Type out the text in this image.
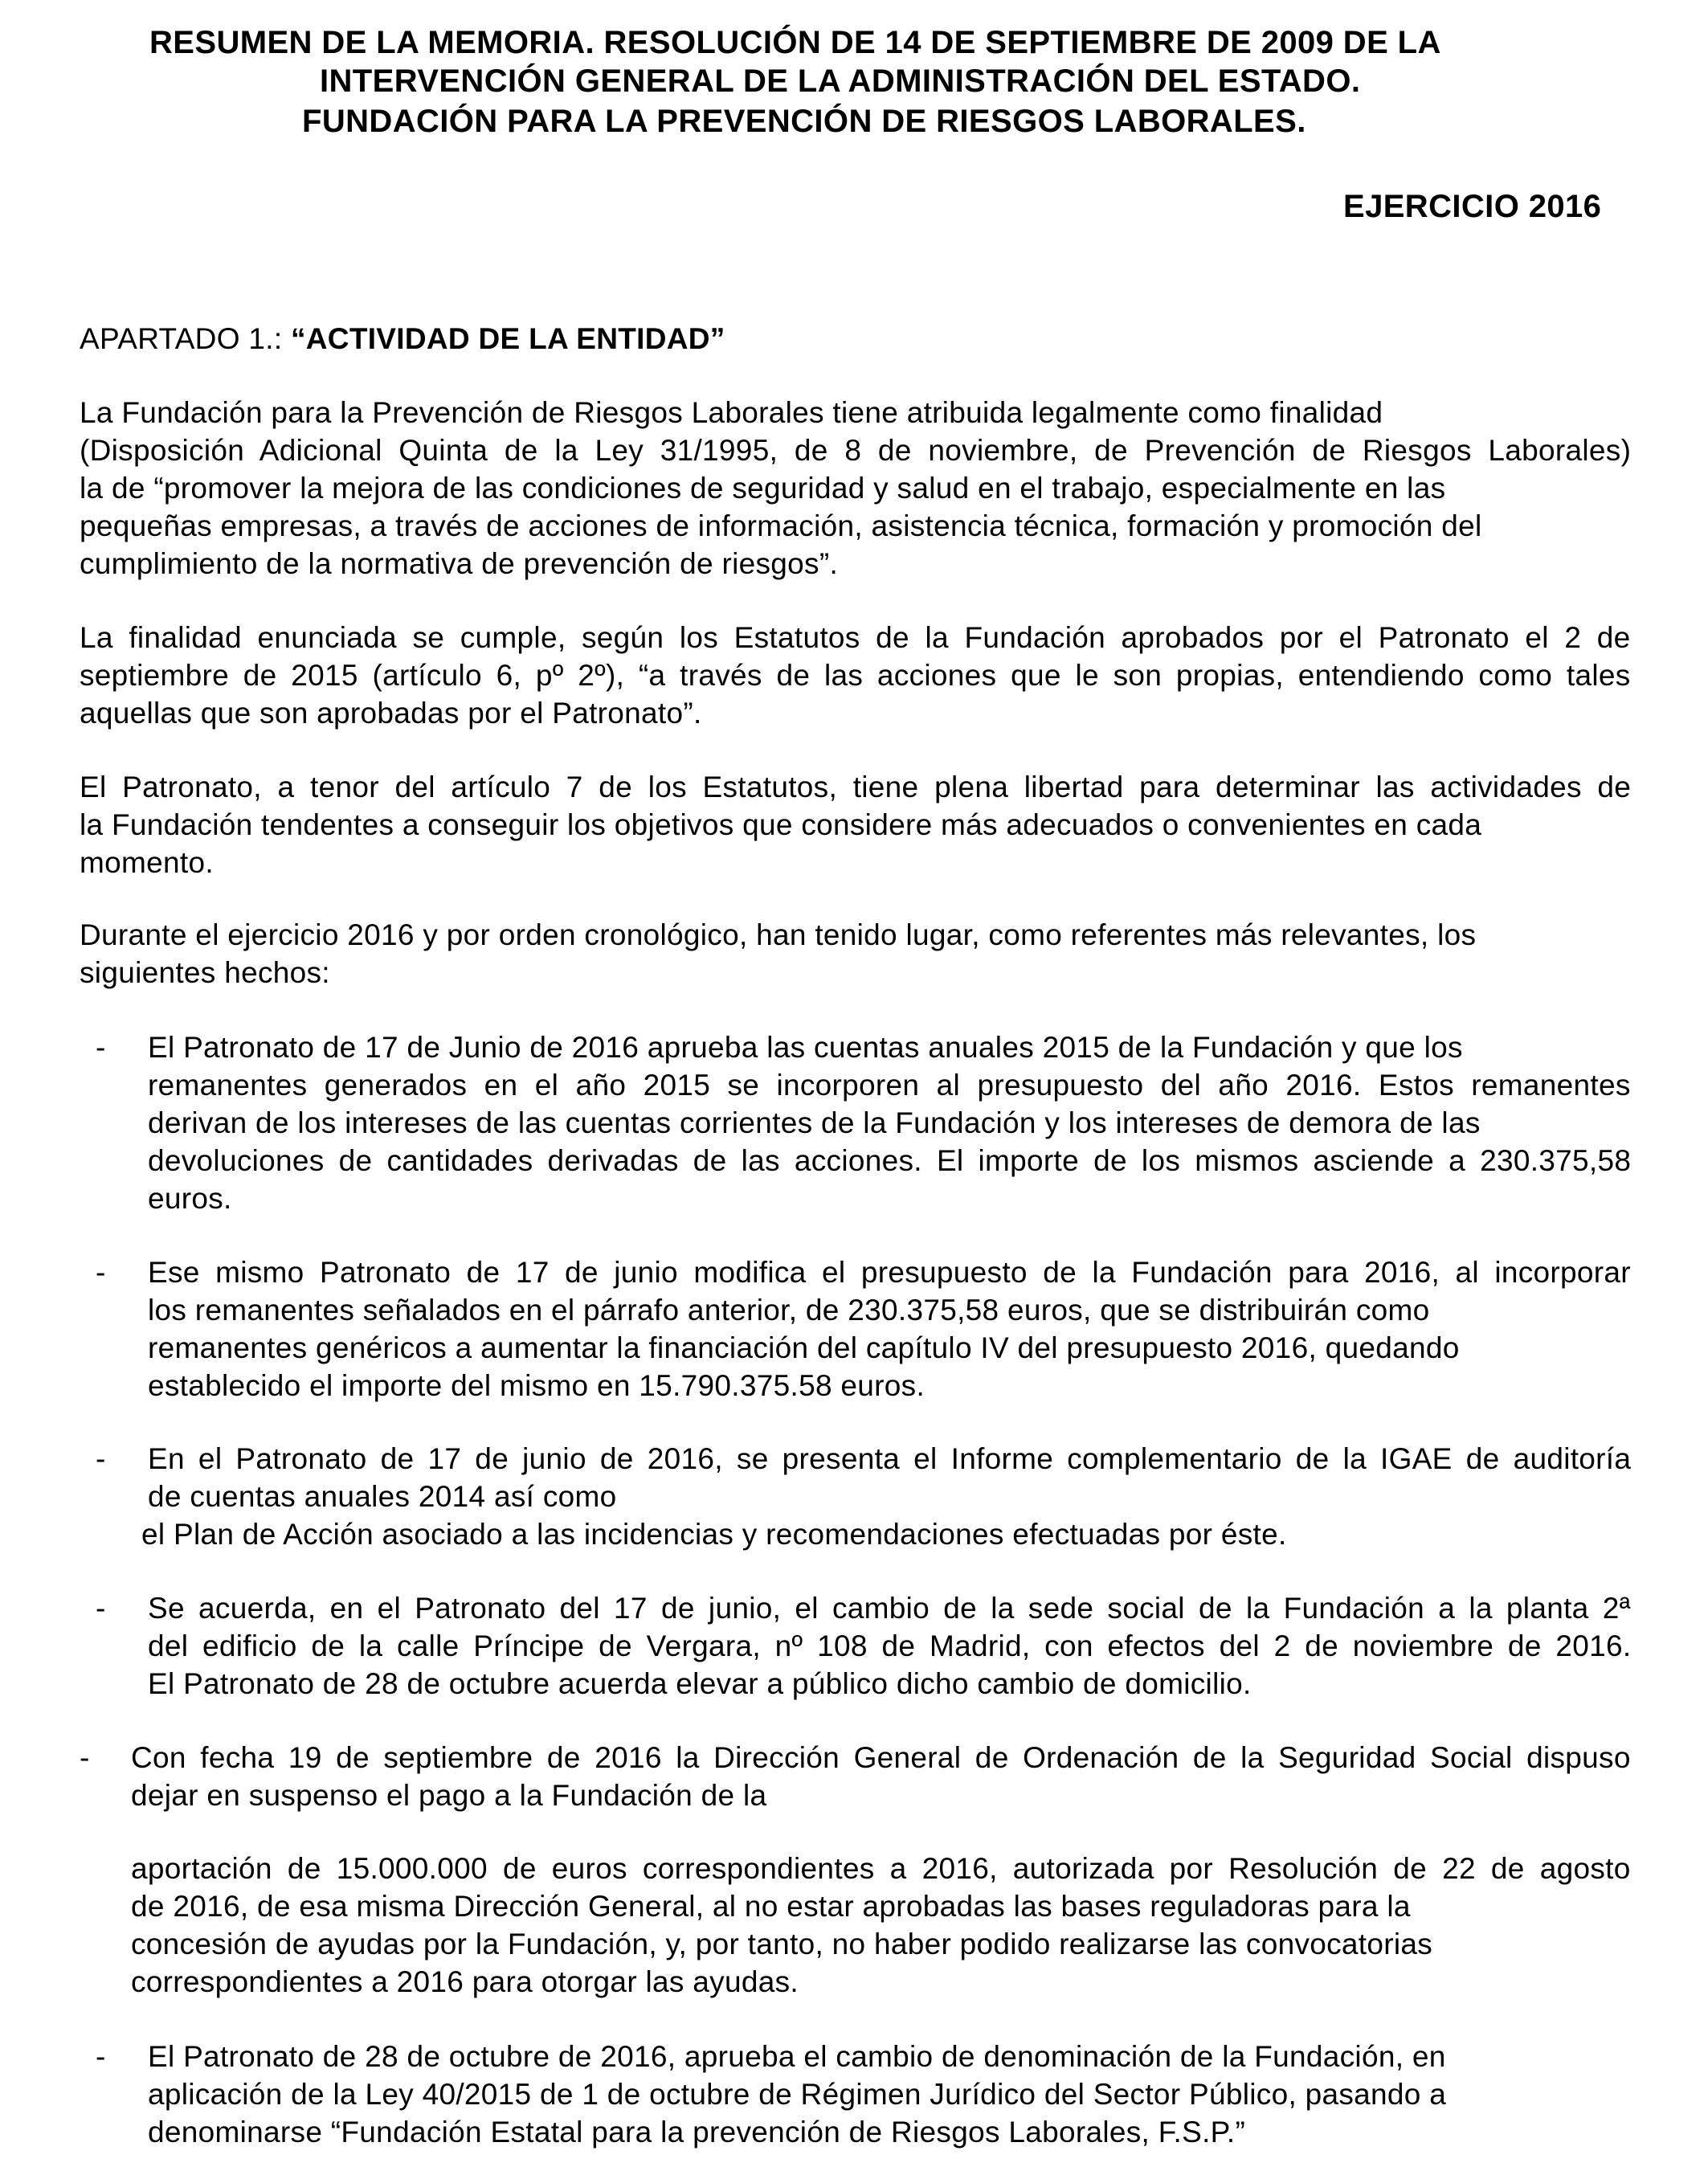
RESUMEN DE LA MEMORIA. RESOLUCIÓN DE 14 DE SEPTIEMBRE DE 2009 DE LA
INTERVENCIÓN GENERAL DE LA ADMINISTRACIÓN DEL ESTADO.
FUNDACIÓN PARA LA PREVENCIÓN DE RIESGOS LABORALES.
EJERCICIO 2016
APARTADO 1.: “ACTIVIDAD DE LA ENTIDAD”
La Fundación para la Prevención de Riesgos Laborales tiene atribuida legalmente como finalidad
(Disposición Adicional Quinta de la Ley 31/1995, de 8 de noviembre, de Prevención de Riesgos Laborales)
la de “promover la mejora de las condiciones de seguridad y salud en el trabajo, especialmente en las
pequeñas empresas, a través de acciones de información, asistencia técnica, formación y promoción del
cumplimiento de la normativa de prevención de riesgos”.
La finalidad enunciada se cumple, según los Estatutos de la Fundación aprobados por el Patronato el 2 de
septiembre de 2015 (artículo 6, pº 2º), “a través de las acciones que le son propias, entendiendo como tales
aquellas que son aprobadas por el Patronato”.
El Patronato, a tenor del artículo 7 de los Estatutos, tiene plena libertad para determinar las actividades de
la Fundación tendentes a conseguir los objetivos que considere más adecuados o convenientes en cada
momento.
Durante el ejercicio 2016 y por orden cronológico, han tenido lugar, como referentes más relevantes, los
siguientes hechos:
- El Patronato de 17 de Junio de 2016 aprueba las cuentas anuales 2015 de la Fundación y que los
remanentes generados en el año 2015 se incorporen al presupuesto del año 2016. Estos remanentes
derivan de los intereses de las cuentas corrientes de la Fundación y los intereses de demora de las
devoluciones de cantidades derivadas de las acciones. El importe de los mismos asciende a 230.375,58
euros.
- Ese mismo Patronato de 17 de junio modifica el presupuesto de la Fundación para 2016, al incorporar
los remanentes señalados en el párrafo anterior, de 230.375,58 euros, que se distribuirán como
remanentes genéricos a aumentar la financiación del capítulo IV del presupuesto 2016, quedando
establecido el importe del mismo en 15.790.375.58 euros.
- En el Patronato de 17 de junio de 2016, se presenta el Informe complementario de la IGAE de auditoría
de cuentas anuales 2014 así como
el Plan de Acción asociado a las incidencias y recomendaciones efectuadas por éste.
- Se acuerda, en el Patronato del 17 de junio, el cambio de la sede social de la Fundación a la planta 2ª
del edificio de la calle Príncipe de Vergara, nº 108 de Madrid, con efectos del 2 de noviembre de 2016.
El Patronato de 28 de octubre acuerda elevar a público dicho cambio de domicilio.
- Con fecha 19 de septiembre de 2016 la Dirección General de Ordenación de la Seguridad Social dispuso
dejar en suspenso el pago a la Fundación de la
aportación de 15.000.000 de euros correspondientes a 2016, autorizada por Resolución de 22 de agosto
de 2016, de esa misma Dirección General, al no estar aprobadas las bases reguladoras para la
concesión de ayudas por la Fundación, y, por tanto, no haber podido realizarse las convocatorias
correspondientes a 2016 para otorgar las ayudas.
- El Patronato de 28 de octubre de 2016, aprueba el cambio de denominación de la Fundación, en
aplicación de la Ley 40/2015 de 1 de octubre de Régimen Jurídico del Sector Público, pasando a
denominarse “Fundación Estatal para la prevención de Riesgos Laborales, F.S.P.”
